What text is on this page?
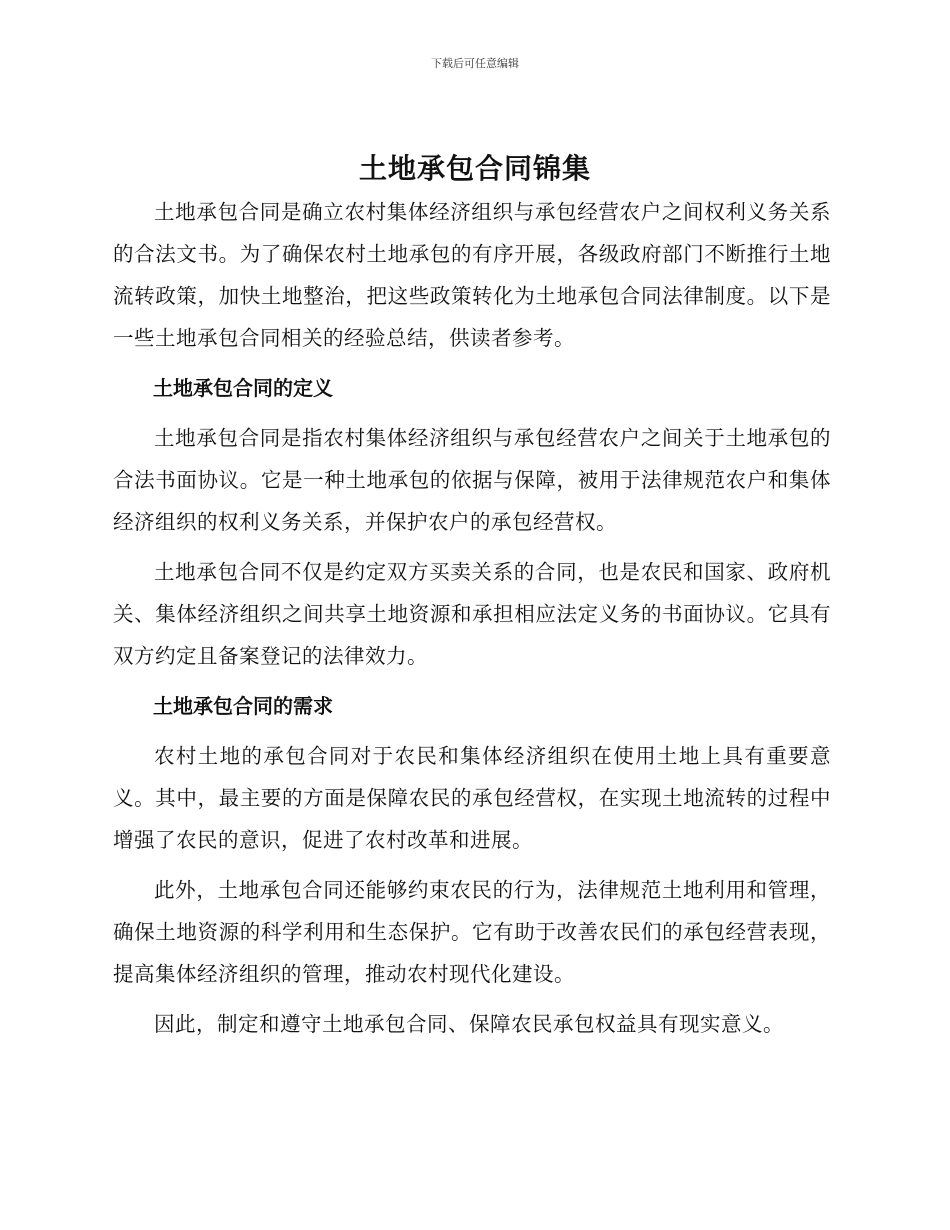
下载后可任意编辑
土地承包合同锦集

土地承包合同是确立农村集体经济组织与承包经营农户之间权利义务关系的合法文书。为了确保农村土地承包的有序开展，各级政府部门不断推行土地流转政策，加快土地整治，把这些政策转化为土地承包合同法律制度。以下是一些土地承包合同相关的经验总结，供读者参考。

土地承包合同的定义

土地承包合同是指农村集体经济组织与承包经营农户之间关于土地承包的合法书面协议。它是一种土地承包的依据与保障，被用于法律规范农户和集体经济组织的权利义务关系，并保护农户的承包经营权。

土地承包合同不仅是约定双方买卖关系的合同，也是农民和国家、政府机关、集体经济组织之间共享土地资源和承担相应法定义务的书面协议。它具有双方约定且备案登记的法律效力。

土地承包合同的需求

农村土地的承包合同对于农民和集体经济组织在使用土地上具有重要意义。其中，最主要的方面是保障农民的承包经营权，在实现土地流转的过程中增强了农民的意识，促进了农村改革和进展。

此外，土地承包合同还能够约束农民的行为，法律规范土地利用和管理，确保土地资源的科学利用和生态保护。它有助于改善农民们的承包经营表现，提高集体经济组织的管理，推动农村现代化建设。

因此，制定和遵守土地承包合同、保障农民承包权益具有现实意义。
